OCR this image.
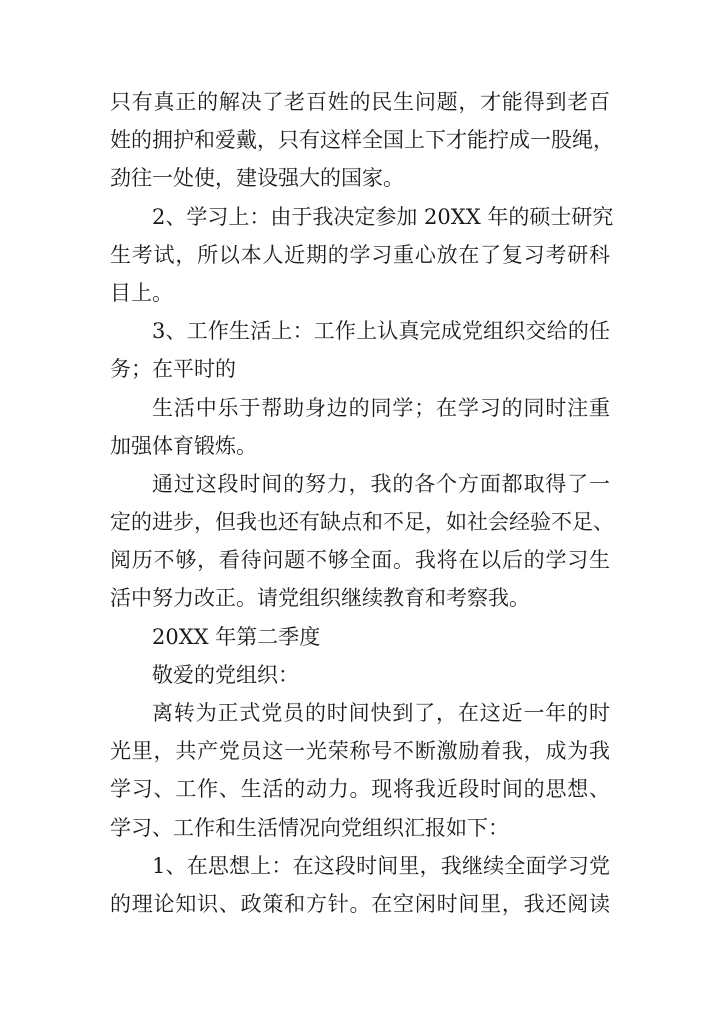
只有真正的解决了老百姓的民生问题，才能得到老百
姓的拥护和爱戴，只有这样全国上下才能拧成一股绳，
劲往一处使，建设强大的国家。
2、学习上：由于我决定参加 20XX 年的硕士研究
生考试，所以本人近期的学习重心放在了复习考研科
目上。
3、工作生活上：工作上认真完成党组织交给的任
务；在平时的
生活中乐于帮助身边的同学；在学习的同时注重
加强体育锻炼。
通过这段时间的努力，我的各个方面都取得了一
定的进步，但我也还有缺点和不足，如社会经验不足、
阅历不够，看待问题不够全面。我将在以后的学习生
活中努力改正。请党组织继续教育和考察我。
20XX 年第二季度
敬爱的党组织：
离转为正式党员的时间快到了，在这近一年的时
光里，共产党员这一光荣称号不断激励着我，成为我
学习、工作、生活的动力。现将我近段时间的思想、
学习、工作和生活情况向党组织汇报如下：
1、在思想上：在这段时间里，我继续全面学习党
的理论知识、政策和方针。在空闲时间里，我还阅读
